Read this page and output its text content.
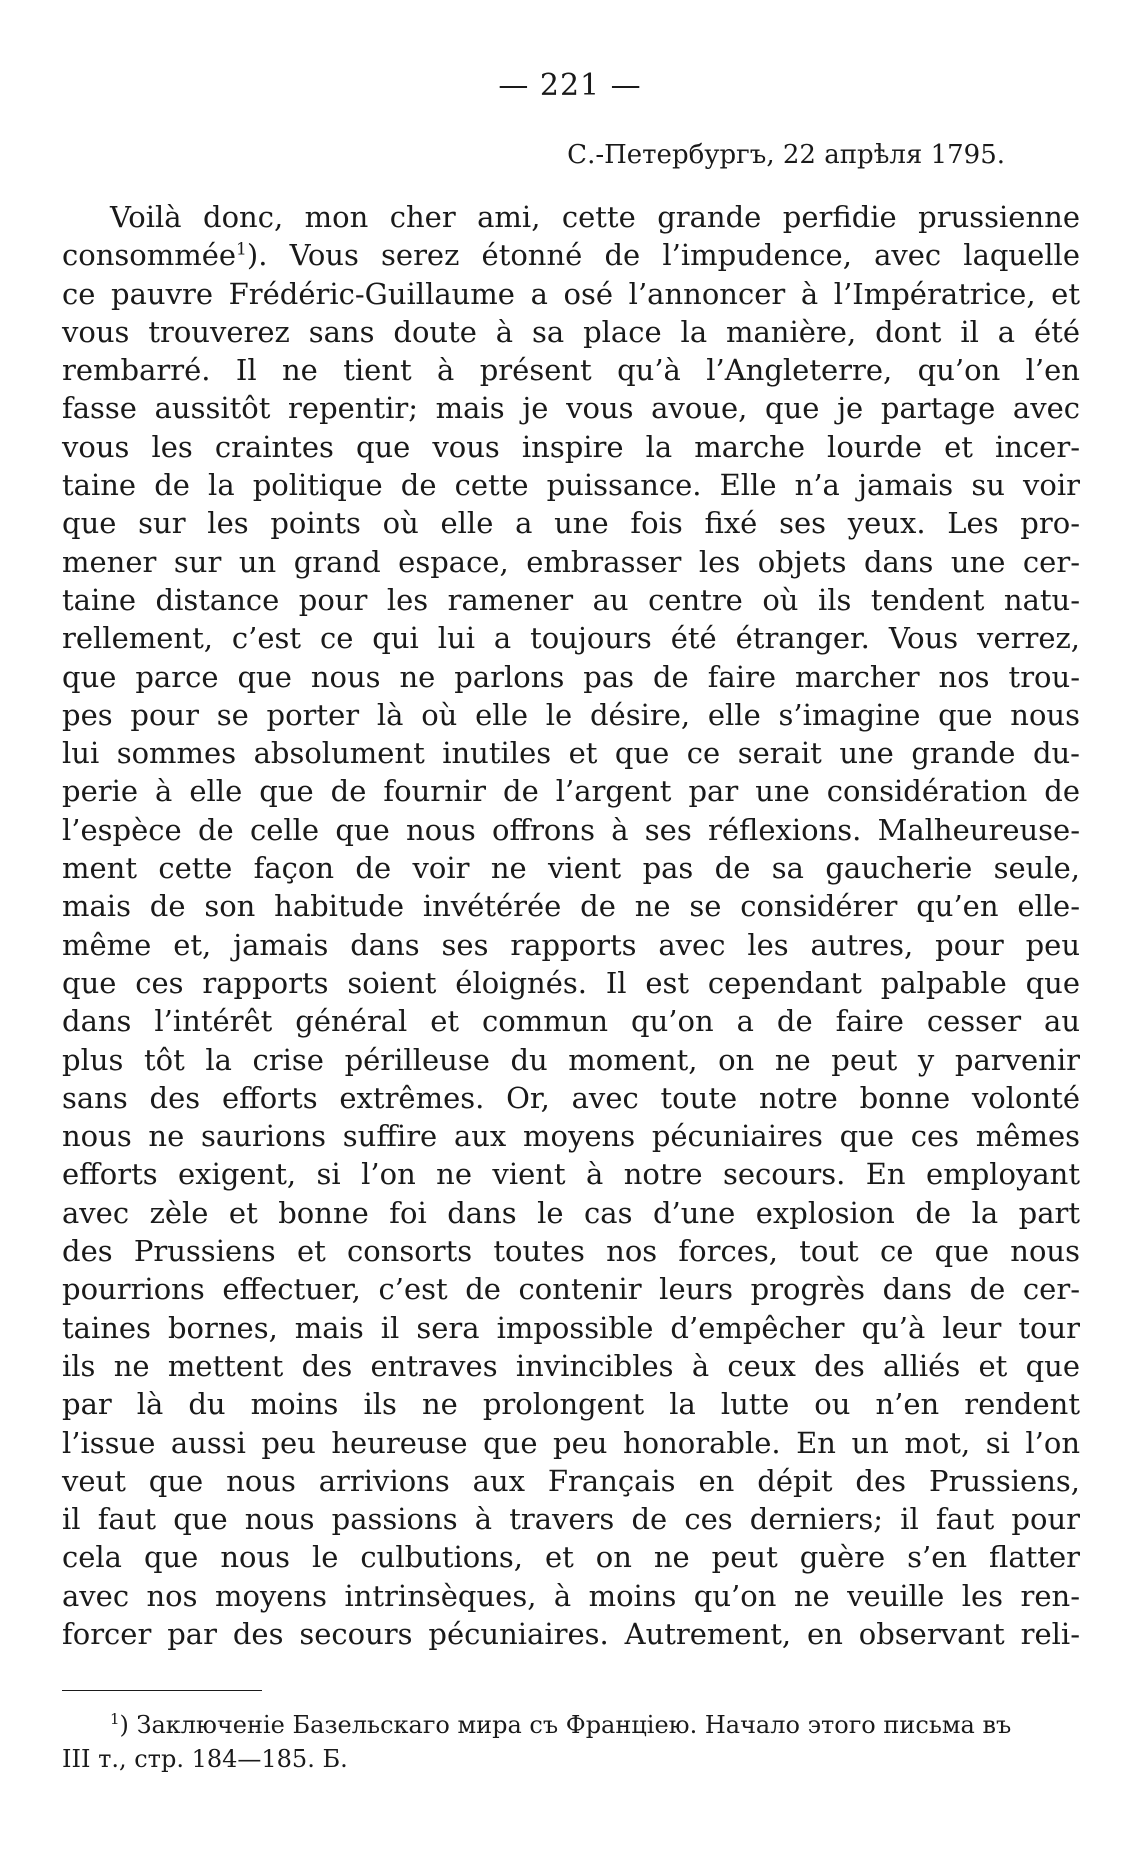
— 221 —
С.-Петербургъ, 22 апрѣля 1795.
Voilà donc, mon cher ami, cette grande perfidie prussienne
consommée$^1$). Vous serez étonné de l’impudence, avec laquelle
ce pauvre Frédéric-Guillaume a osé l’annoncer à l’Impératrice, et
vous trouverez sans doute à sa place la manière, dont il a été
rembarré. Il ne tient à présent qu’à l’Angleterre, qu’on l’en
fasse aussitôt repentir; mais je vous avoue, que je partage avec
vous les craintes que vous inspire la marche lourde et incer-
taine de la politique de cette puissance. Elle n’a jamais su voir
que sur les points où elle a une fois fixé ses yeux. Les pro-
mener sur un grand espace, embrasser les objets dans une cer-
taine distance pour les ramener au centre où ils tendent natu-
rellement, c’est ce qui lui a toujours été étranger. Vous verrez,
que parce que nous ne parlons pas de faire marcher nos trou-
pes pour se porter là où elle le désire, elle s’imagine que nous
lui sommes absolument inutiles et que ce serait une grande du-
perie à elle que de fournir de l’argent par une considération de
l’espèce de celle que nous offrons à ses réflexions. Malheureuse-
ment cette façon de voir ne vient pas de sa gaucherie seule,
mais de son habitude invétérée de ne se considérer qu’en elle-
même et, jamais dans ses rapports avec les autres, pour peu
que ces rapports soient éloignés. Il est cependant palpable que
dans l’intérêt général et commun qu’on a de faire cesser au
plus tôt la crise périlleuse du moment, on ne peut y parvenir
sans des efforts extrêmes. Or, avec toute notre bonne volonté
nous ne saurions suffire aux moyens pécuniaires que ces mêmes
efforts exigent, si l’on ne vient à notre secours. En employant
avec zèle et bonne foi dans le cas d’une explosion de la part
des Prussiens et consorts toutes nos forces, tout ce que nous
pourrions effectuer, c’est de contenir leurs progrès dans de cer-
taines bornes, mais il sera impossible d’empêcher qu’à leur tour
ils ne mettent des entraves invincibles à ceux des alliés et que
par là du moins ils ne prolongent la lutte ou n’en rendent
l’issue aussi peu heureuse que peu honorable. En un mot, si l’on
veut que nous arrivions aux Français en dépit des Prussiens,
il faut que nous passions à travers de ces derniers; il faut pour
cela que nous le culbutions, et on ne peut guère s’en flatter
avec nos moyens intrinsèques, à moins qu’on ne veuille les ren-
forcer par des secours pécuniaires. Autrement, en observant reli-
$^1$) Заключеніе Базельскаго мира съ Франціею. Начало этого письма въ
III т., стр. 184—185. Б.
